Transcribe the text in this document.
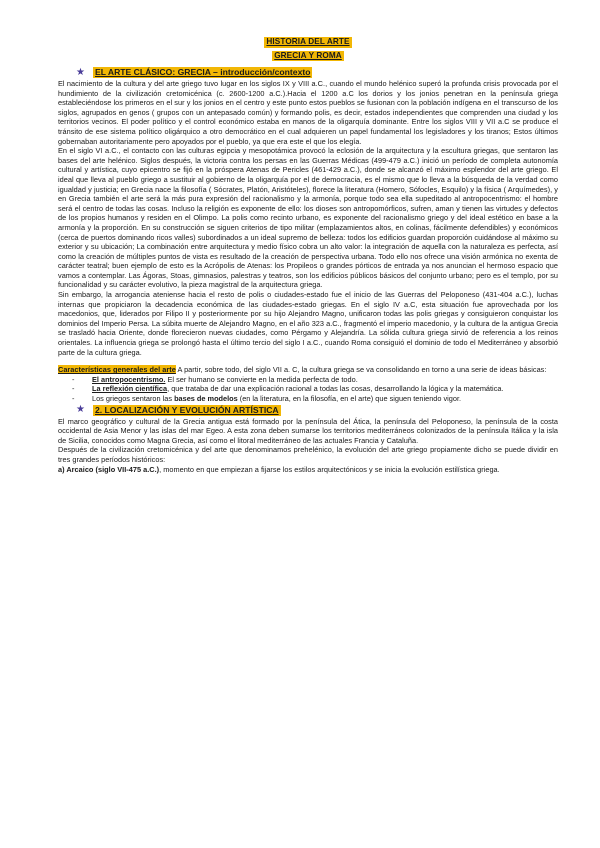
HISTORIA DEL ARTE
GRECIA Y ROMA
★ EL ARTE CLÁSICO: GRECIA – introducción/contexto

El nacimiento de la cultura y del arte griego tuvo lugar en los siglos IX y VIII a.C., cuando el mundo helénico superó la profunda crisis provocada por el hundimiento de la civilización cretomicénica (c. 2600-1200 a.C.).Hacia el 1200 a.C los dorios y los jonios penetran en la península griega estableciéndose los primeros en el sur y los jonios en el centro y este punto estos pueblos se fusionan con la población indígena en el transcurso de los siglos, agrupados en genos ( grupos con un antepasado común) y formando polis, es decir, estados independientes que comprenden una ciudad y los territorios vecinos. El poder político y el control económico estaba en manos de la oligarquía dominante. Entre los siglos VIII y VII a.C se produce el tránsito de ese sistema político oligárquico a otro democrático en el cual adquieren un papel fundamental los legisladores y los tiranos; Estos últimos gobernaban autoritariamente pero apoyados por el pueblo, ya que era este el que los elegía.

En el siglo VI a.C., el contacto con las culturas egipcia y mesopotámica provocó la eclosión de la arquitectura y la escultura griegas, que sentaron las bases del arte helénico. Siglos después, la victoria contra los persas en las Guerras Médicas (499-479 a.C.) inició un período de completa autonomía cultural y artística, cuyo epicentro se fijó en la próspera Atenas de Pericles (461-429 a.C.), donde se alcanzó el máximo esplendor del arte griego. El ideal que lleva al pueblo griego a sustituir al gobierno de la oligarquía por el de democracia, es el mismo que lo lleva a la búsqueda de la verdad como igualdad y justicia; en Grecia nace la filosofía ( Sócrates, Platón, Aristóteles), florece la literatura (Homero, Sófocles, Esquilo) y la física ( Arquímedes), y en Grecia también el arte será la más pura expresión del racionalismo y la armonía, porque todo sea ella supeditado al antropocentrismo: el hombre será el centro de todas las cosas. Incluso la religión es exponente de ello: los dioses son antropomórficos, sufren, aman y tienen las virtudes y defectos de los propios humanos y residen en el Olimpo. La polis como recinto urbano, es exponente del racionalismo griego y del ideal estético en base a la armonía y la proporción. En su construcción se siguen criterios de tipo militar (emplazamientos altos, en colinas, fácilmente defendibles) y económicos (cerca de puertos dominando ricos valles) subordinados a un ideal supremo de belleza: todos los edificios guardan proporción cuidándose al máximo su exterior y su ubicación; La combinación entre arquitectura y medio físico cobra un alto valor: la integración de aquella con la naturaleza es perfecta, así como la creación de múltiples puntos de vista es resultado de la creación de perspectiva urbana. Todo ello nos ofrece una visión armónica no exenta de carácter teatral; buen ejemplo de esto es la Acrópolis de Atenas: los Propileos o grandes pórticos de entrada ya nos anuncian el hermoso espacio que vamos a contemplar. Las Ágoras, Stoas, gimnasios, palestras y teatros, son los edificios públicos básicos del conjunto urbano; pero es el templo, por su funcionalidad y su carácter evolutivo, la pieza magistral de la arquitectura griega.

Sin embargo, la arrogancia ateniense hacia el resto de polis o ciudades-estado fue el inicio de las Guerras del Peloponeso (431-404 a.C.), luchas internas que propiciaron la decadencia económica de las ciudades-estado griegas. En el siglo IV a.C, esta situación fue aprovechada por los macedonios, que, liderados por Filipo II y posteriormente por su hijo Alejandro Magno, unificaron todas las polis griegas y consiguieron conquistar los dominios del Imperio Persa. La súbita muerte de Alejandro Magno, en el año 323 a.C., fragmentó el imperio macedonio, y la cultura de la antigua Grecia se trasladó hacia Oriente, donde florecieron nuevas ciudades, como Pérgamo y Alejandría. La sólida cultura griega sirvió de referencia a los reinos orientales. La influencia griega se prolongó hasta el último tercio del siglo I a.C., cuando Roma consiguió el dominio de todo el Mediterráneo y absorbió parte de la cultura griega.

Características generales del arte A partir, sobre todo, del siglo VII a. C, la cultura griega se va consolidando en torno a una serie de ideas básicas:

- El antropocentrismo. El ser humano se convierte en la medida perfecta de todo.
- La reflexión científica, que trataba de dar una explicación racional a todas las cosas, desarrollando la lógica y la matemática.
- Los griegos sentaron las bases de modelos (en la literatura, en la filosofía, en el arte) que siguen teniendo vigor.
★ 2. LOCALIZACIÓN Y EVOLUCIÓN ARTÍSTICA

El marco geográfico y cultural de la Grecia antigua está formado por la península del Ática, la península del Peloponeso, la península de la costa occidental de Asia Menor y las islas del mar Egeo. A esta zona deben sumarse los territorios mediterráneos colonizados de la península Itálica y la isla de Sicilia, conocidos como Magna Grecia, así como el litoral mediterráneo de las actuales Francia y Cataluña.

Después de la civilización cretomicénica y del arte que denominamos prehelénico, la evolución del arte griego propiamente dicho se puede dividir en tres grandes períodos históricos:

a) Arcaico (siglo VII-475 a.C.), momento en que empiezan a fijarse los estilos arquitectónicos y se inicia la evolución estilística griega.
